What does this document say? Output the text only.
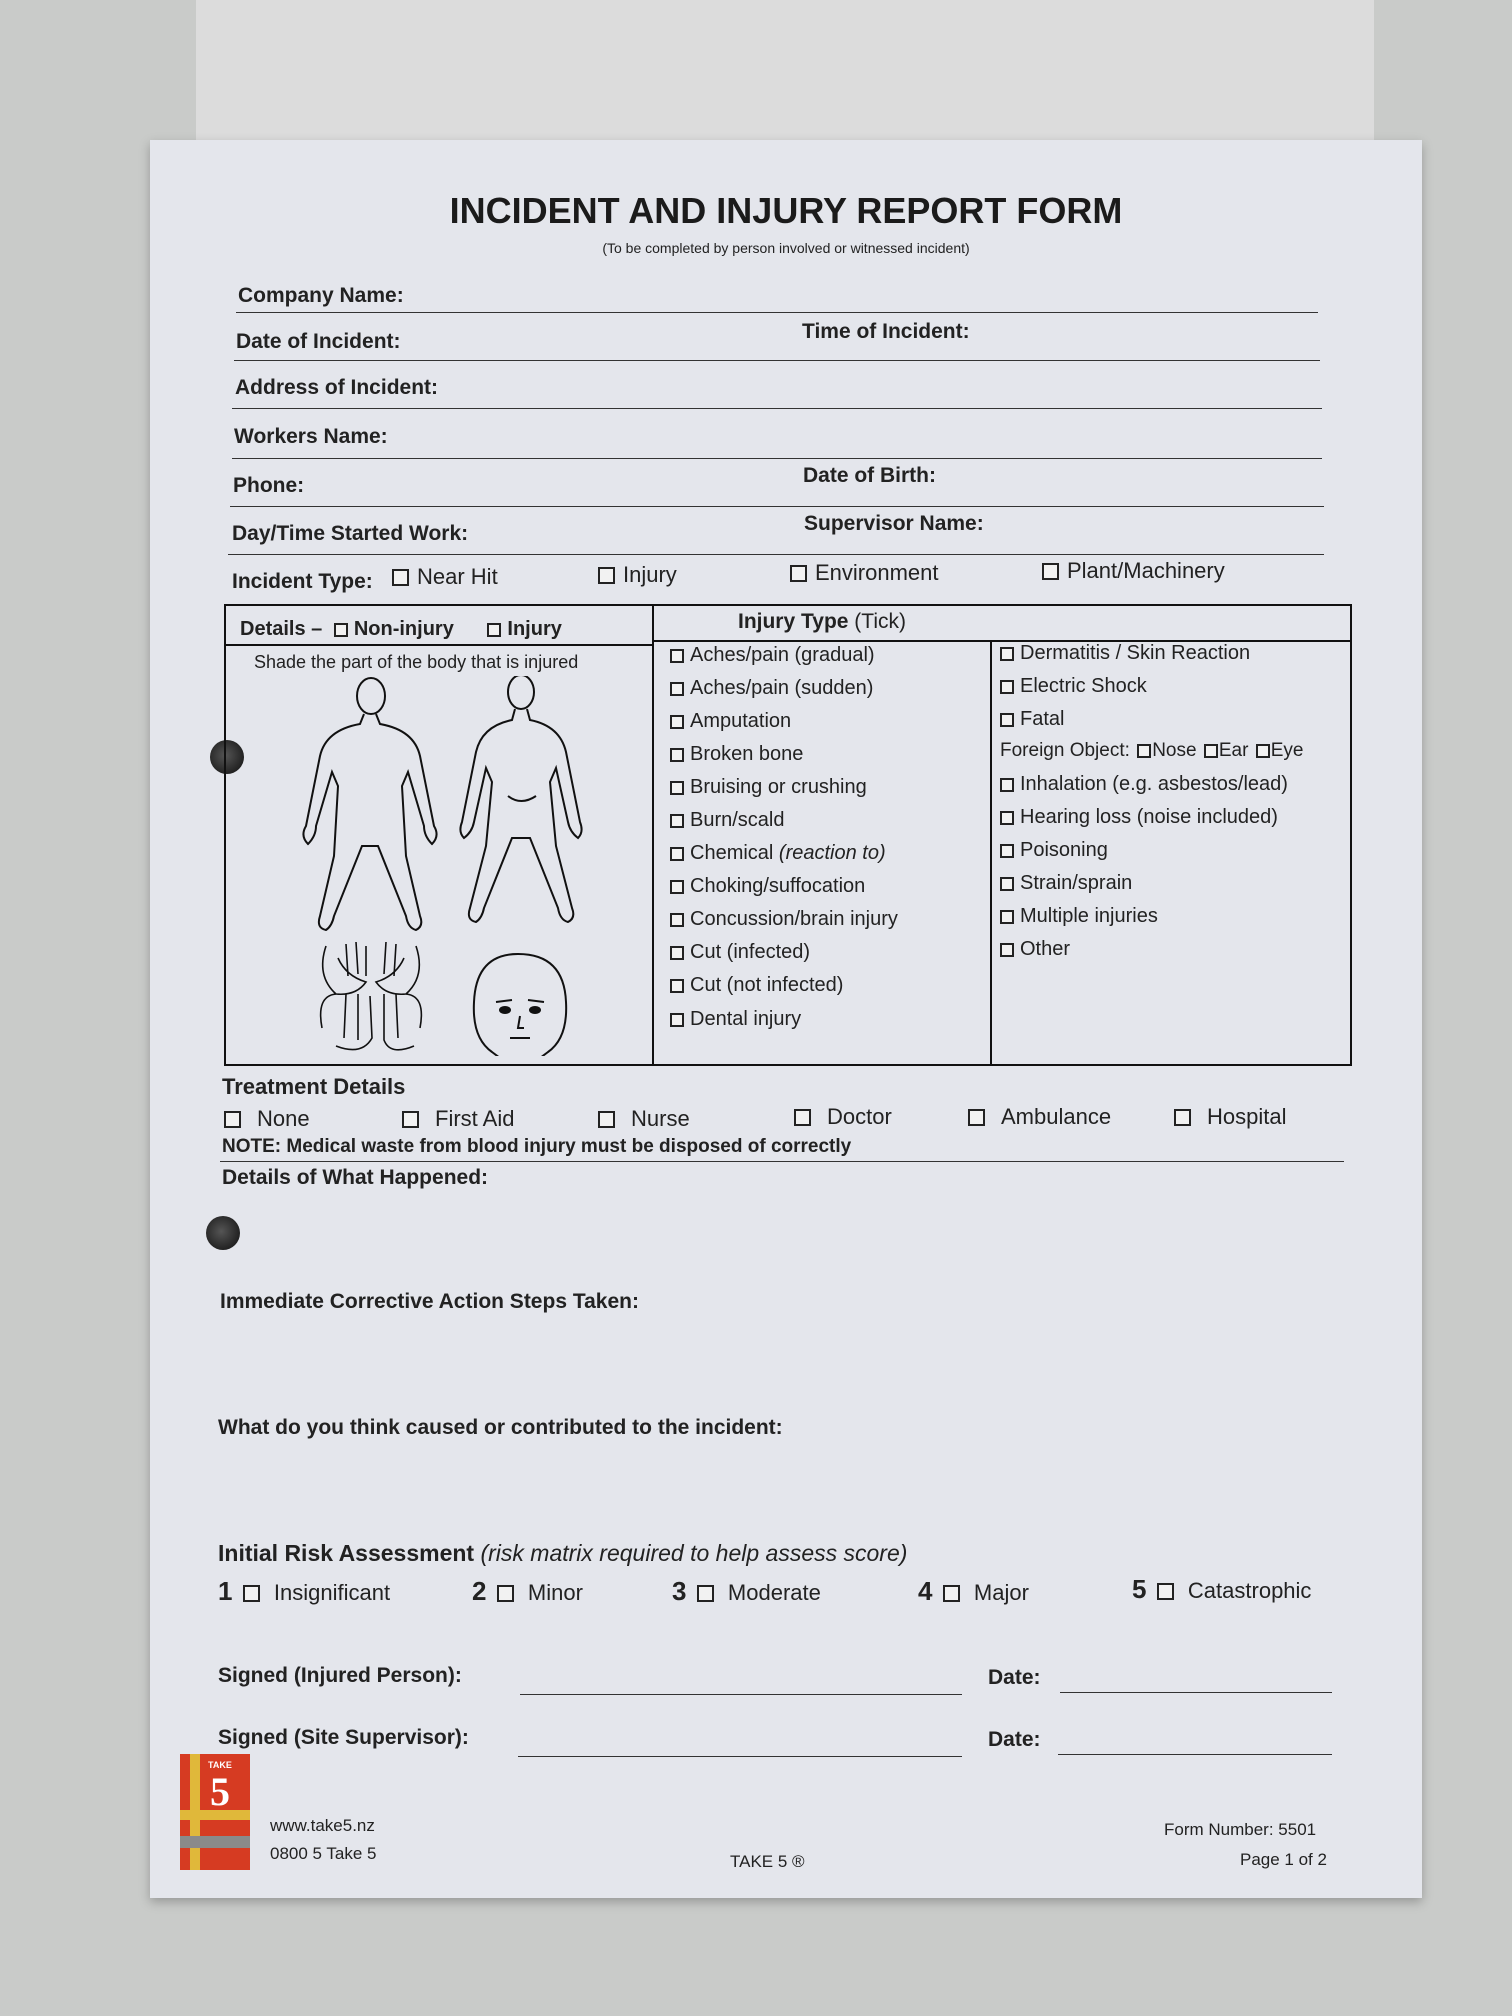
INCIDENT AND INJURY REPORT FORM
(To be completed by person involved or witnessed incident)
Company Name:
Date of Incident:	Time of Incident:
Address of Incident:
Workers Name:
Phone:	Date of Birth:
Day/Time Started Work:	Supervisor Name:
Incident Type:	Near Hit	Injury	Environment	Plant/Machinery
Details – Non-injury	Injury
Shade the part of the body that is injured
Injury Type (Tick)
Aches/pain (gradual)
Aches/pain (sudden)
Amputation
Broken bone
Bruising or crushing
Burn/scald
Chemical (reaction to)
Choking/suffocation
Concussion/brain injury
Cut (infected)
Cut (not infected)
Dental injury
Dermatitis / Skin Reaction
Electric Shock
Fatal
Foreign Object: Nose Ear Eye
Inhalation (e.g. asbestos/lead)
Hearing loss (noise included)
Poisoning
Strain/sprain
Multiple injuries
Other
Treatment Details
None	First Aid	Nurse	Doctor	Ambulance	Hospital
NOTE: Medical waste from blood injury must be disposed of correctly
Details of What Happened:
Immediate Corrective Action Steps Taken:
What do you think caused or contributed to the incident:
Initial Risk Assessment (risk matrix required to help assess score)
1 Insignificant	2 Minor	3 Moderate	4 Major	5 Catastrophic
Signed (Injured Person):	Date:
Signed (Site Supervisor):	Date:
TAKE
5
www.take5.nz
0800 5 Take 5	TAKE 5 ®
Form Number: 5501
Page 1 of 2
